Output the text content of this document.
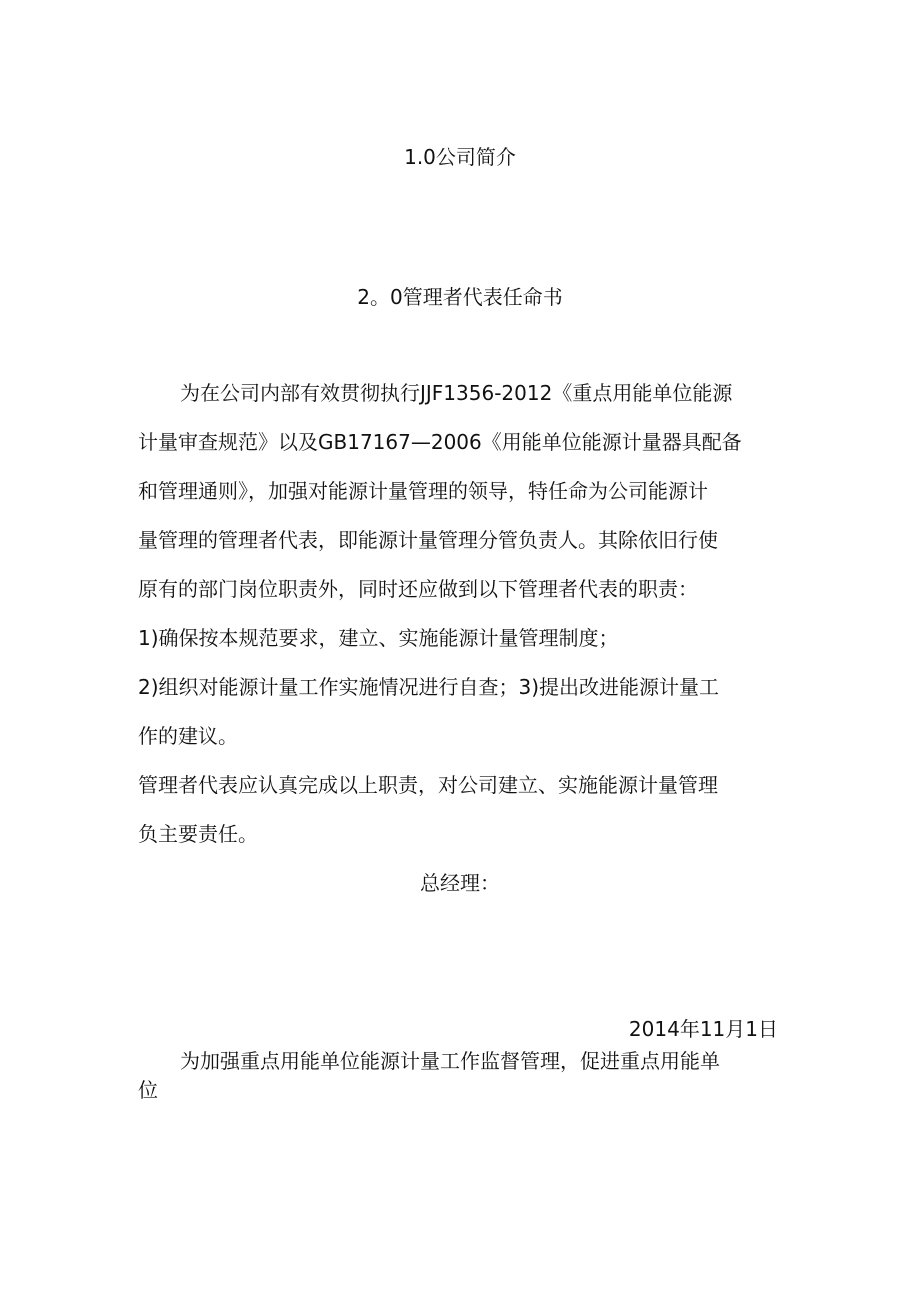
1.0公司简介
2。0管理者代表任命书

为在公司内部有效贯彻执行JJF1356-2012《重点用能单位能源

计量审查规范》以及GB17167—2006《用能单位能源计量器具配备

和管理通则》，加强对能源计量管理的领导，特任命为公司能源计

量管理的管理者代表，即能源计量管理分管负责人。其除依旧行使

原有的部门岗位职责外，同时还应做到以下管理者代表的职责：

1)确保按本规范要求，建立、实施能源计量管理制度；

2)组织对能源计量工作实施情况进行自查；3)提出改进能源计量工

作的建议。

管理者代表应认真完成以上职责，对公司建立、实施能源计量管理

负主要责任。

总经理：

2014年11月1日

为加强重点用能单位能源计量工作监督管理，促进重点用能单

位
